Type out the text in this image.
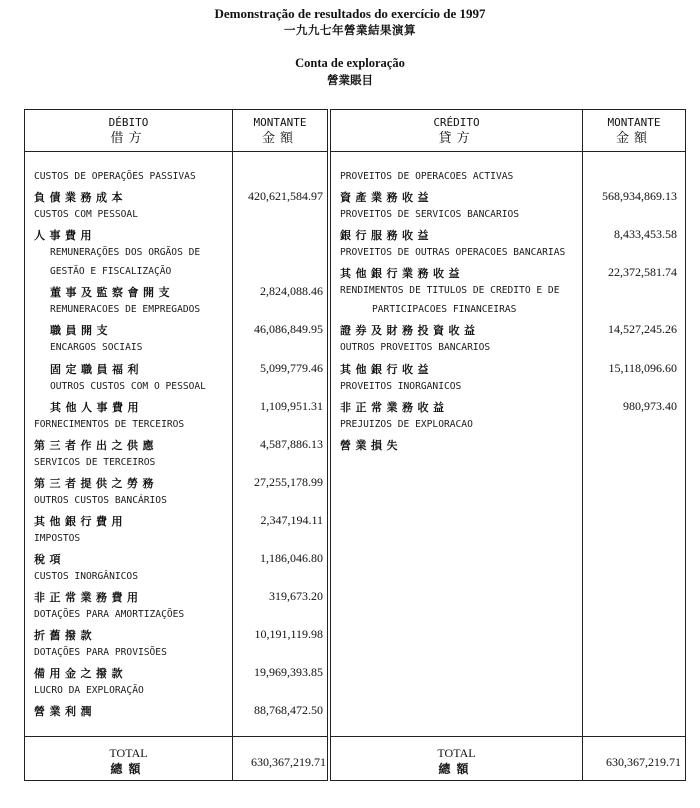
Demonstração de resultados do exercício de 1997
一九九七年營業結果演算
Conta de exploração
營業賬目
DÉBITO
借方
MONTANTE
金額
CUSTOS DE OPERAÇÕES PASSIVAS
負債業務成本	420,621,584.97
CUSTOS COM PESSOAL
人事費用
REMUNERAÇÕES DOS ORGÃOS DE
GESTÃO E FISCALIZAÇÃO
董事及監察會開支	2,824,088.46
REMUNERACOES DE EMPREGADOS
職員開支	46,086,849.95
ENCARGOS SOCIAIS
固定職員福利	5,099,779.46
OUTROS CUSTOS COM O PESSOAL
其他人事費用	1,109,951.31
FORNECIMENTOS DE TERCEIROS
第三者作出之供應	4,587,886.13
SERVICOS DE TERCEIROS
第三者提供之勞務	27,255,178.99
OUTROS CUSTOS BANCÁRIOS
其他銀行費用	2,347,194.11
IMPOSTOS
稅項	1,186,046.80
CUSTOS INORGÂNICOS
非正常業務費用	319,673.20
DOTAÇÕES PARA AMORTIZAÇÕES
折舊撥款	10,191,119.98
DOTAÇÕES PARA PROVISÕES
備用金之撥款	19,969,393.85
LUCRO DA EXPLORAÇÃO
營業利潤	88,768,472.50
TOTAL
總額	630,367,219.71
CRÉDITO
貸方
MONTANTE
金額
PROVEITOS DE OPERACOES ACTIVAS
資產業務收益	568,934,869.13
PROVEITOS DE SERVICOS BANCARIOS
銀行服務收益	8,433,453.58
PROVEITOS DE OUTRAS OPERACOES BANCARIAS
其他銀行業務收益	22,372,581.74
RENDIMENTOS DE TITULOS DE CREDITO E DE
PARTICIPACOES FINANCEIRAS
證券及財務投資收益	14,527,245.26
OUTROS PROVEITOS BANCARIOS
其他銀行收益	15,118,096.60
PROVEITOS INORGANICOS
非正常業務收益	980,973.40
PREJUIZOS DE EXPLORACAO
營業損失
TOTAL
總額	630,367,219.71
